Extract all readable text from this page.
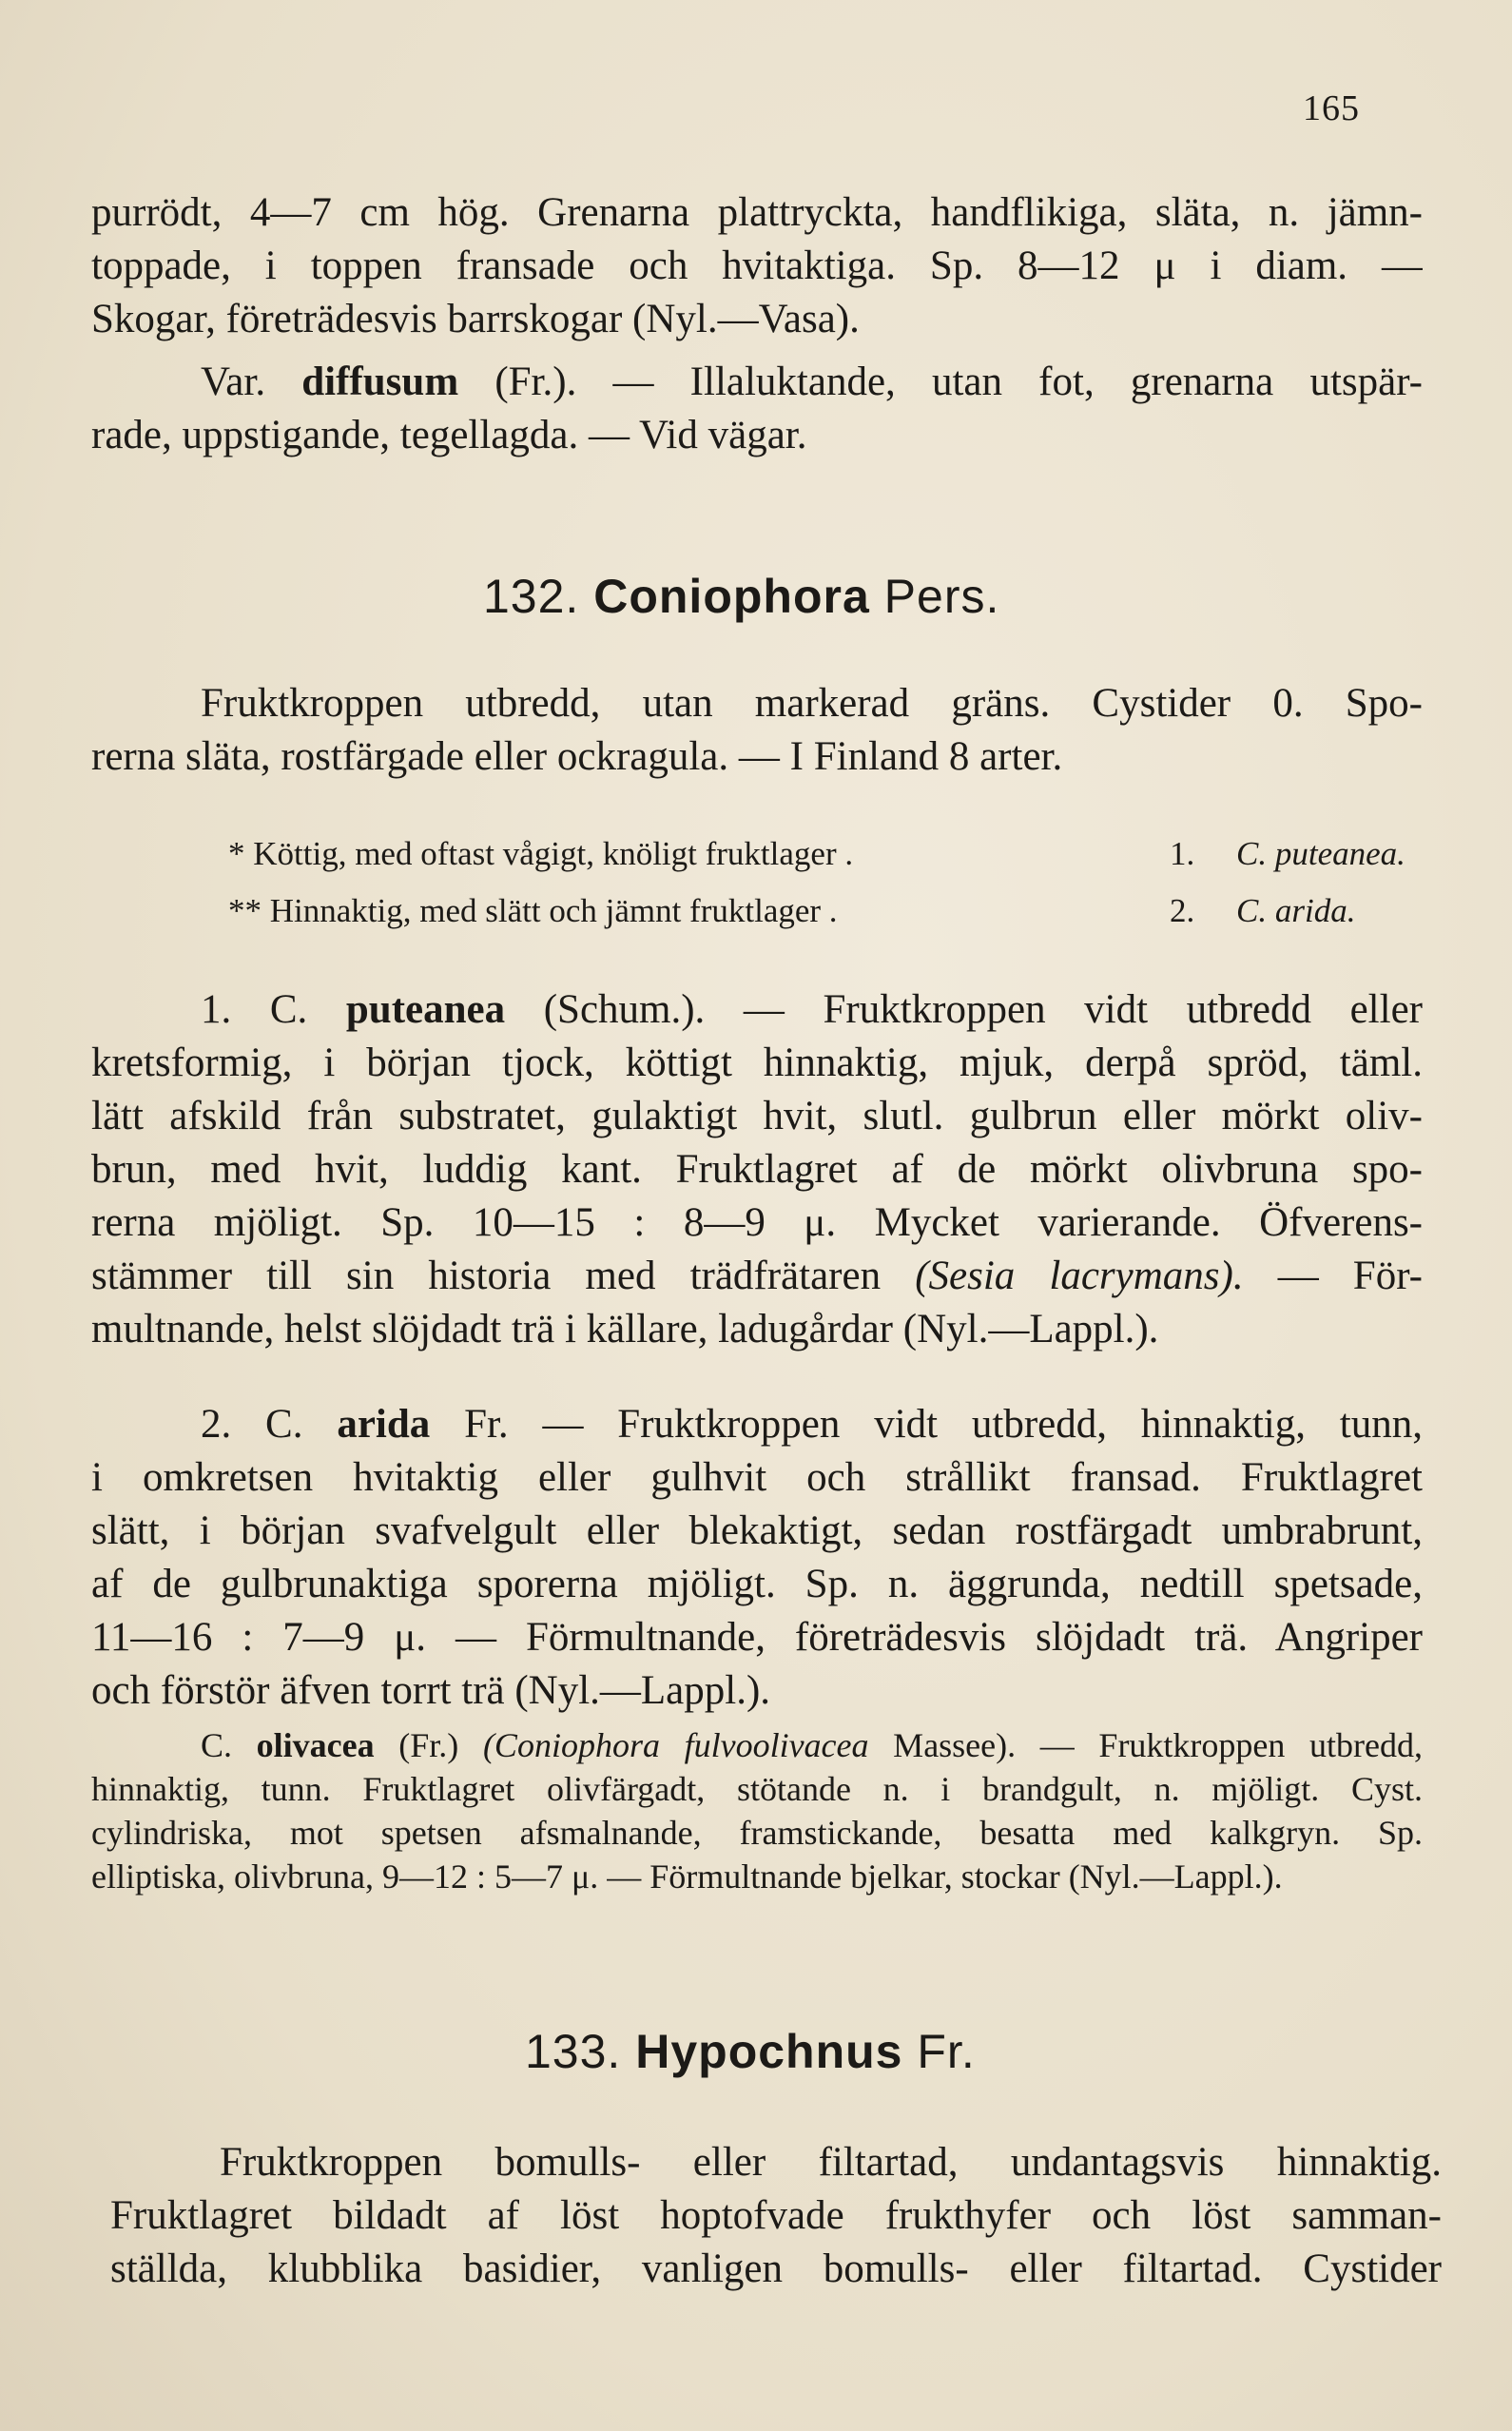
165
purrödt, 4—7 cm hög. Grenarna plattryckta, handflikiga, släta, n. jämn-
toppade, i toppen fransade och hvitaktiga. Sp. 8—12 μ i diam. —
Skogar, företrädesvis barrskogar (Nyl.—Vasa).
Var. diffusum (Fr.). — Illaluktande, utan fot, grenarna utspär-
rade, uppstigande, tegellagda. — Vid vägar.
132. Coniophora Pers.
Fruktkroppen utbredd, utan markerad gräns. Cystider 0. Spo-
rerna släta, rostfärgade eller ockragula. — I Finland 8 arter.
* Köttig, med oftast vågigt, knöligt fruktlager .	1. C. puteanea.
** Hinnaktig, med slätt och jämnt fruktlager .	2. C. arida.
1. C. puteanea (Schum.). — Fruktkroppen vidt utbredd eller
kretsformig, i början tjock, köttigt hinnaktig, mjuk, derpå spröd, täml.
lätt afskild från substratet, gulaktigt hvit, slutl. gulbrun eller mörkt oliv-
brun, med hvit, luddig kant. Fruktlagret af de mörkt olivbruna spo-
rerna mjöligt. Sp. 10—15 : 8—9 μ. Mycket varierande. Öfverens-
stämmer till sin historia med trädfrätaren (Sesia lacrymans). — För-
multnande, helst slöjdadt trä i källare, ladugårdar (Nyl.—Lappl.).
2. C. arida Fr. — Fruktkroppen vidt utbredd, hinnaktig, tunn,
i omkretsen hvitaktig eller gulhvit och strållikt fransad. Fruktlagret
slätt, i början svafvelgult eller blekaktigt, sedan rostfärgadt umbrabrunt,
af de gulbrunaktiga sporerna mjöligt. Sp. n. äggrunda, nedtill spetsade,
11—16 : 7—9 μ. — Förmultnande, företrädesvis slöjdadt trä. Angriper
och förstör äfven torrt trä (Nyl.—Lappl.).
C. olivacea (Fr.) (Coniophora fulvoolivacea Massee). — Fruktkroppen utbredd,
hinnaktig, tunn. Fruktlagret olivfärgadt, stötande n. i brandgult, n. mjöligt. Cyst.
cylindriska, mot spetsen afsmalnande, framstickande, besatta med kalkgryn. Sp.
elliptiska, olivbruna, 9—12 : 5—7 μ. — Förmultnande bjelkar, stockar (Nyl.—Lappl.).
133. Hypochnus Fr.
Fruktkroppen bomulls- eller filtartad, undantagsvis hinnaktig.
Fruktlagret bildadt af löst hoptofvade frukthyfer och löst samman-
ställda, klubblika basidier, vanligen bomulls- eller filtartad. Cystider
